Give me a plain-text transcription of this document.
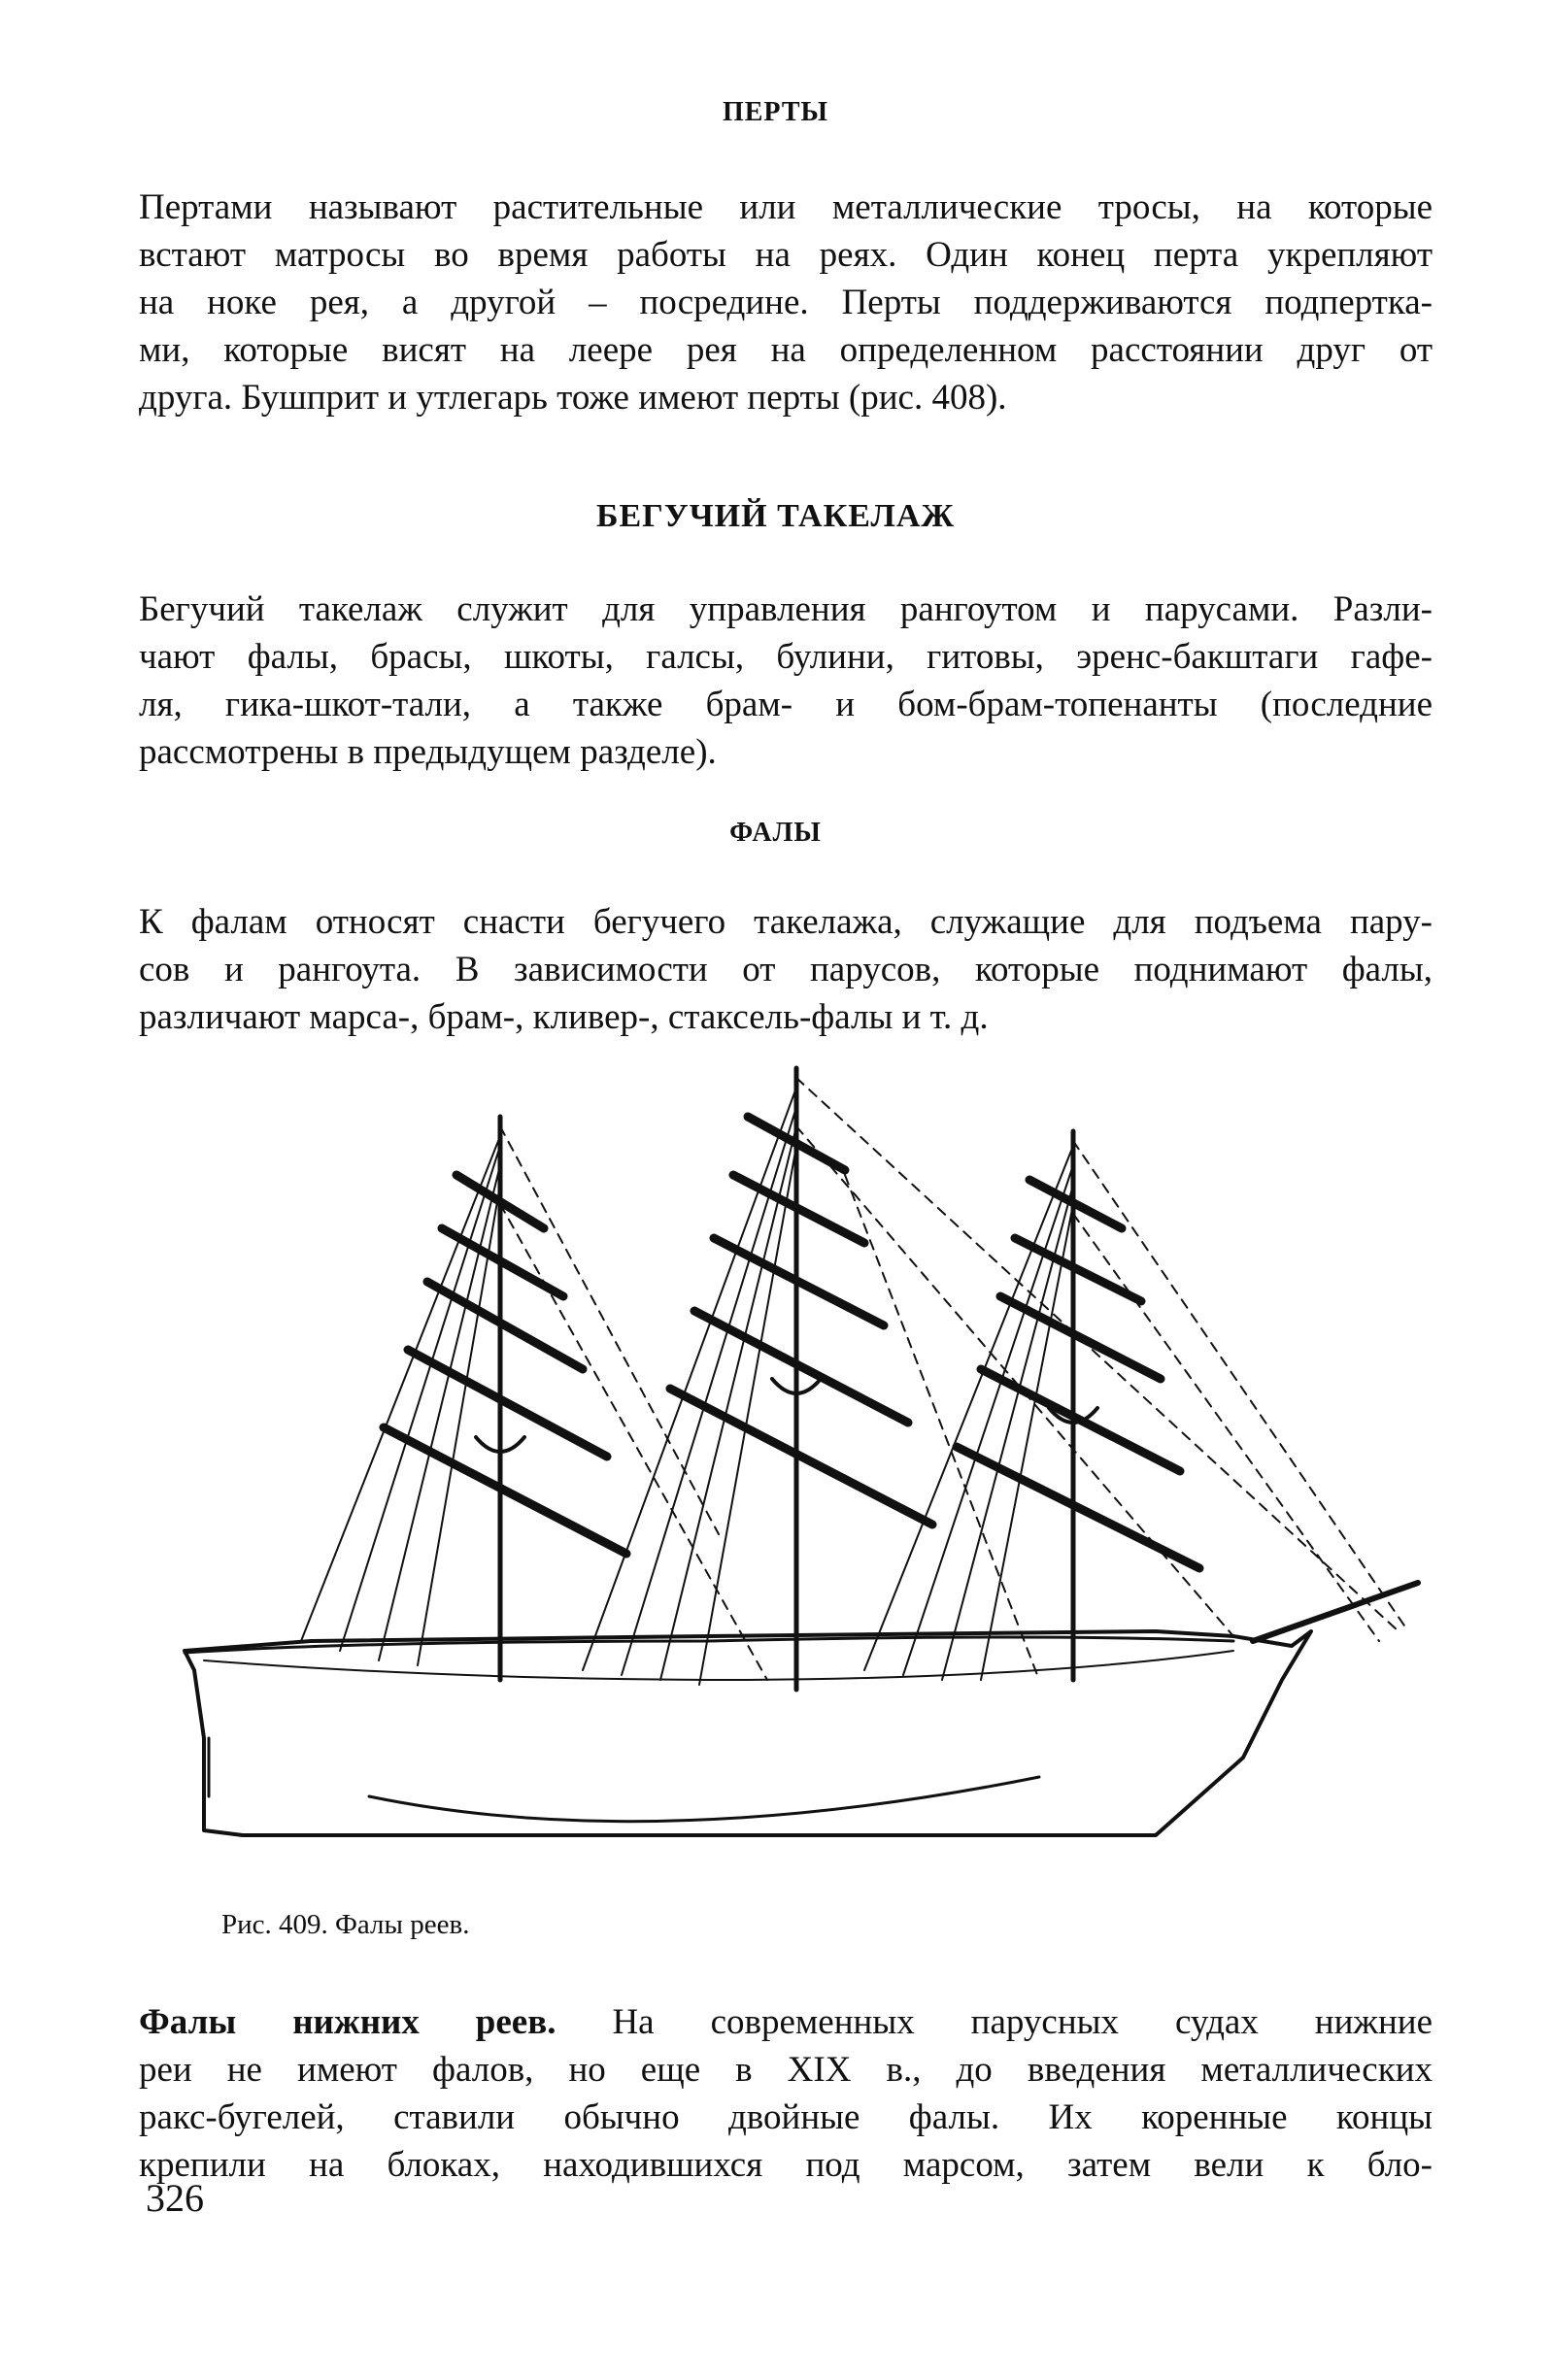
ПЕРТЫ
Пертами называют растительные или металлические тросы, на которые
встают матросы во время работы на реях. Один конец перта укрепляют
на ноке рея, а другой – посредине. Перты поддерживаются подпертка-
ми, которые висят на леере рея на определенном расстоянии друг от
друга. Бушприт и утлегарь тоже имеют перты (рис. 408).
БЕГУЧИЙ ТАКЕЛАЖ
Бегучий такелаж служит для управления рангоутом и парусами. Разли-
чают фалы, брасы, шкоты, галсы, булини, гитовы, эренс-бакштаги гафе-
ля, гика-шкот-тали, а также брам- и бом-брам-топенанты (последние
рассмотрены в предыдущем разделе).
ФАЛЫ
К фалам относят снасти бегучего такелажа, служащие для подъема пару-
сов и рангоута. В зависимости от парусов, которые поднимают фалы,
различают марса-, брам-, кливер-, стаксель-фалы и т. д.
Рис. 409. Фалы реев.
Фалы нижних реев. На современных парусных судах нижние
реи не имеют фалов, но еще в XIX в., до введения металлических
ракс-бугелей, ставили обычно двойные фалы. Их коренные концы
крепили на блоках, находившихся под марсом, затем вели к бло-
326
